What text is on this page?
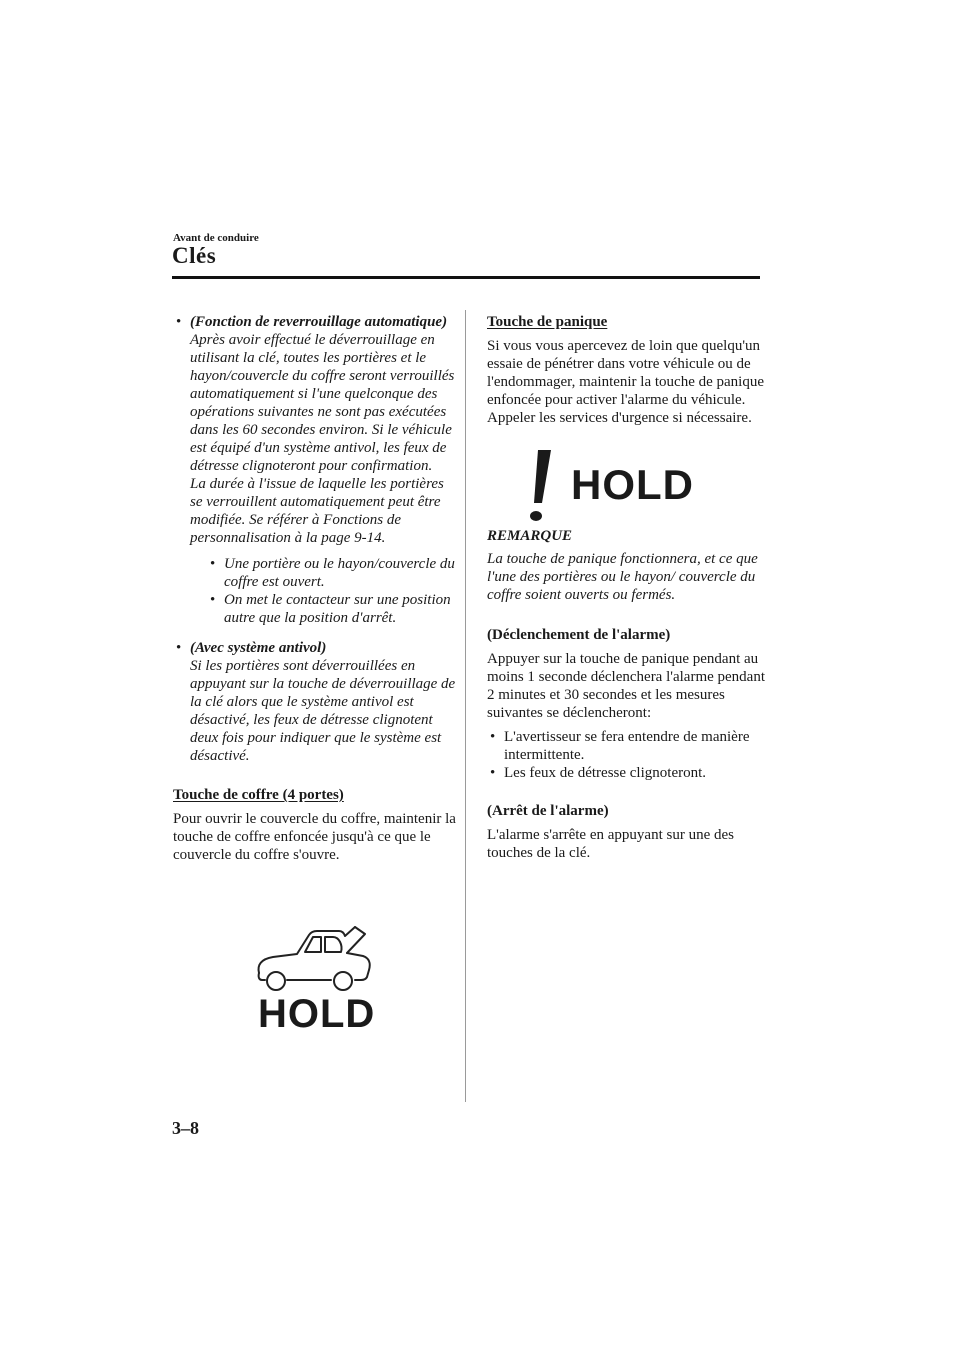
Avant de conduire
Clés
• (Fonction de reverrouillage automatique)

Après avoir effectué le déverrouillage en utilisant la clé, toutes les portières et le hayon/couvercle du coffre seront verrouillés automatiquement si l'une quelconque des opérations suivantes ne sont pas exécutées dans les 60 secondes environ. Si le véhicule est équipé d'un système antivol, les feux de détresse clignoteront pour confirmation.

La durée à l'issue de laquelle les portières se verrouillent automatiquement peut être modifiée. Se référer à Fonctions de personnalisation à la page 9-14.

• Une portière ou le hayon/couvercle du coffre est ouvert.

• On met le contacteur sur une position autre que la position d'arrêt.

• (Avec système antivol)

Si les portières sont déverrouillées en appuyant sur la touche de déverrouillage de la clé alors que le système antivol est désactivé, les feux de détresse clignotent deux fois pour indiquer que le système est désactivé.

Touche de coffre (4 portes)

Pour ouvrir le couvercle du coffre, maintenir la touche de coffre enfoncée jusqu'à ce que le couvercle du coffre s'ouvre.

HOLD
Touche de panique

Si vous vous apercevez de loin que quelqu'un essaie de pénétrer dans votre véhicule ou de l'endommager, maintenir la touche de panique enfoncée pour activer l'alarme du véhicule. Appeler les services d'urgence si nécessaire.

REMARQUE

La touche de panique fonctionnera, et ce que l'une des portières ou le hayon/ couvercle du coffre soient ouverts ou fermés.

(Déclenchement de l'alarme)

Appuyer sur la touche de panique pendant au moins 1 seconde déclenchera l'alarme pendant 2 minutes et 30 secondes et les mesures suivantes se déclencheront:

• L'avertisseur se fera entendre de manière intermittente.
• Les feux de détresse clignoteront.
(Arrêt de l'alarme)

L'alarme s'arrête en appuyant sur une des touches de la clé.

HOLD
3–8
